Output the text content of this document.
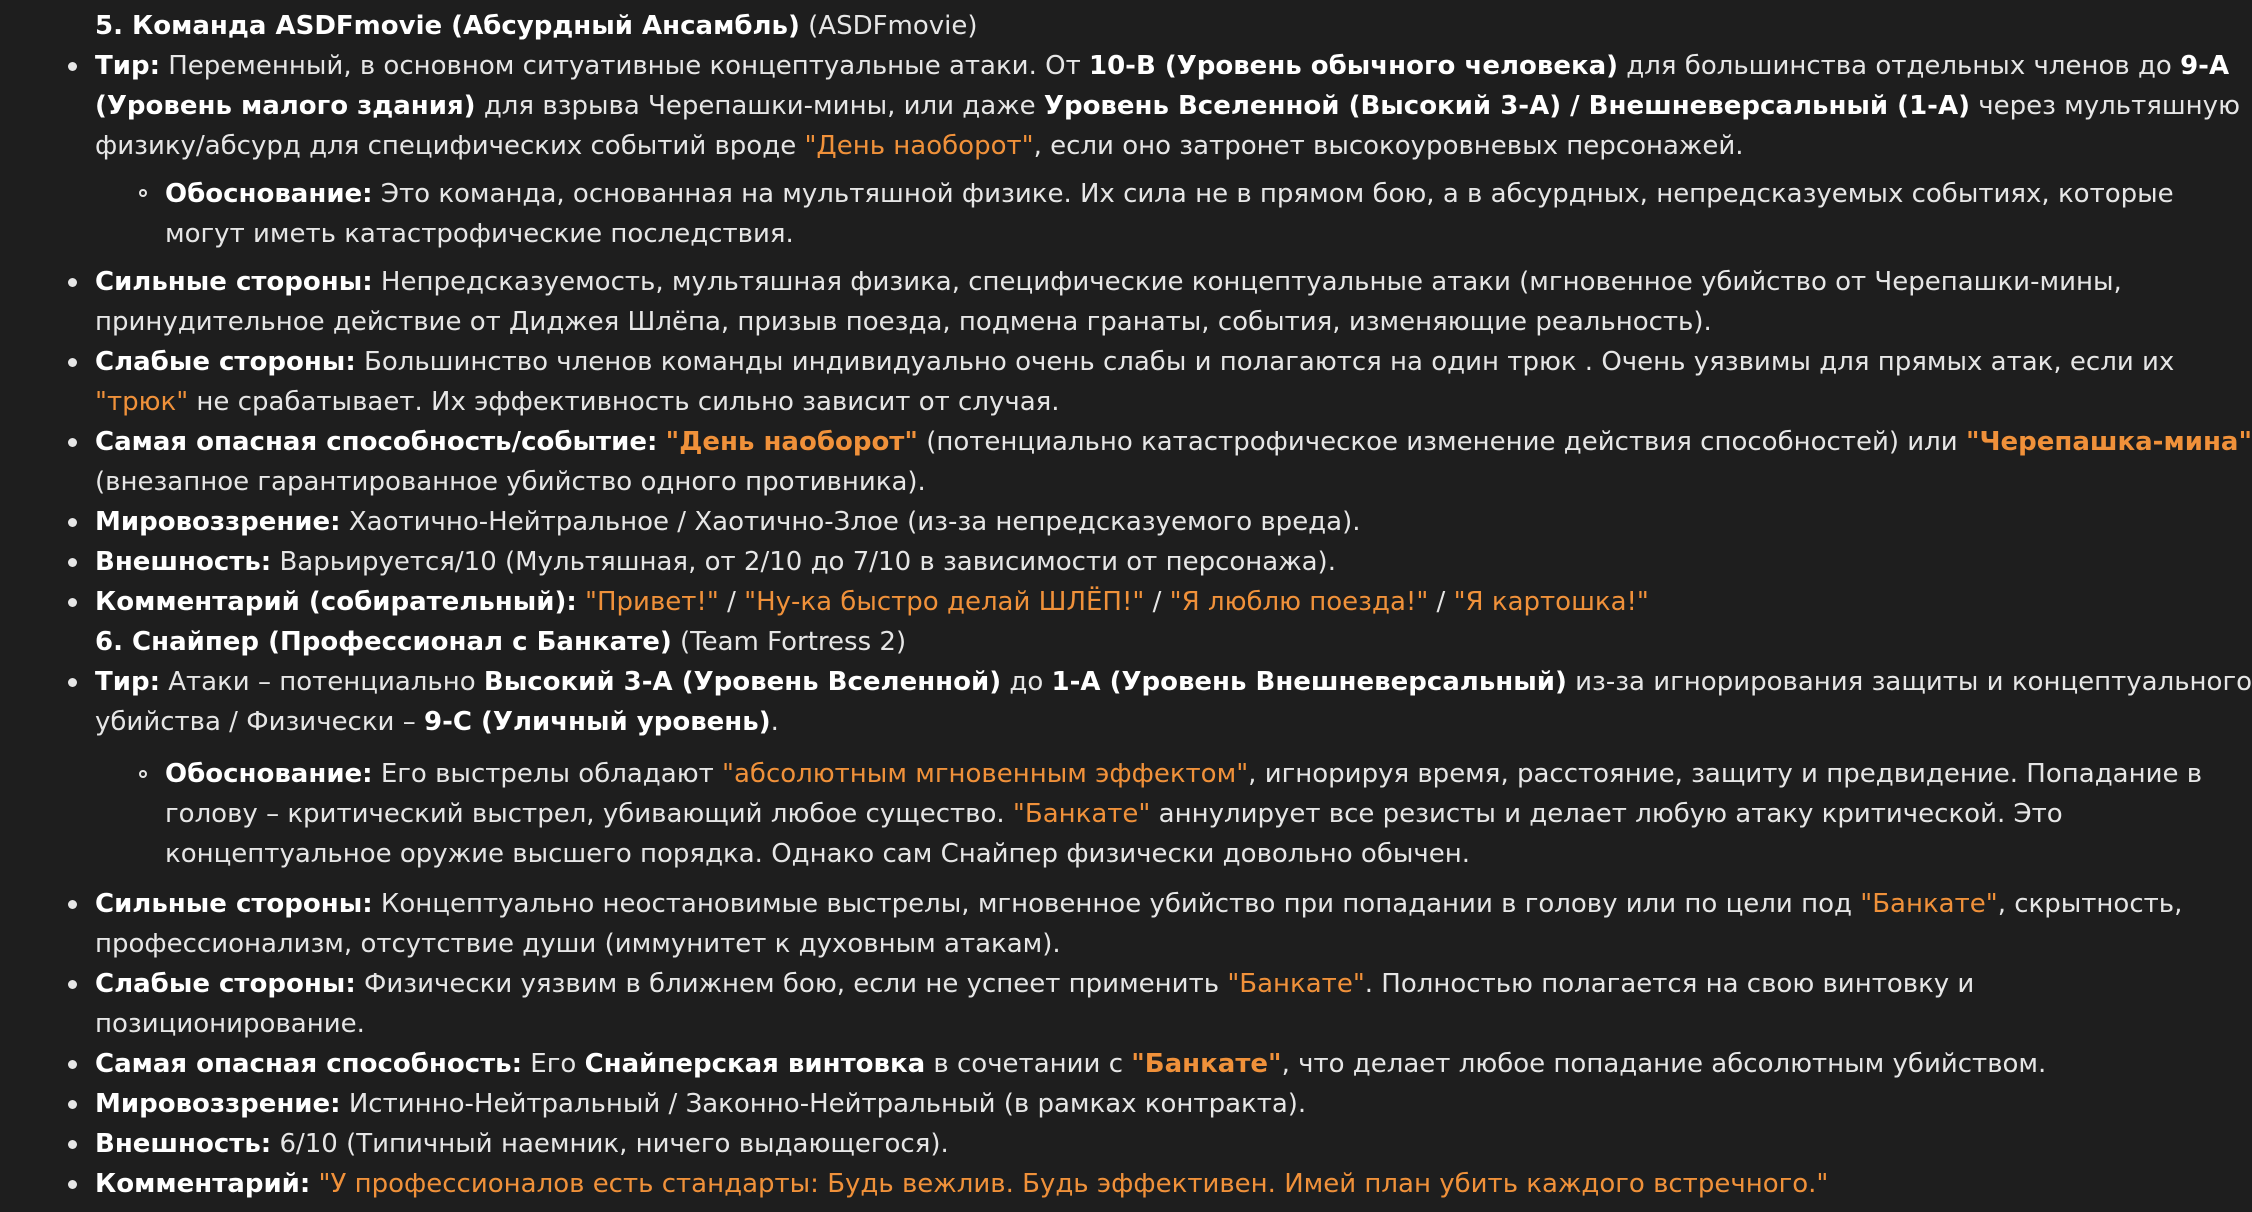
5. Команда ASDFmovie (Абсурдный Ансамбль) (ASDFmovie)
Тир: Переменный, в основном ситуативные концептуальные атаки. От 10-B (Уровень обычного человека) для большинства отдельных членов до 9-A
(Уровень малого здания) для взрыва Черепашки-мины, или даже Уровень Вселенной (Высокий 3-A) / Внешневерсальный (1-A) через мультяшную
физику/абсурд для специфических событий вроде "День наоборот", если оно затронет высокоуровневых персонажей.
Обоснование: Это команда, основанная на мультяшной физике. Их сила не в прямом бою, а в абсурдных, непредсказуемых событиях, которые
могут иметь катастрофические последствия.
Сильные стороны: Непредсказуемость, мультяшная физика, специфические концептуальные атаки (мгновенное убийство от Черепашки-мины,
принудительное действие от Диджея Шлёпа, призыв поезда, подмена гранаты, события, изменяющие реальность).
Слабые стороны: Большинство членов команды индивидуально очень слабы и полагаются на один трюк . Очень уязвимы для прямых атак, если их
"трюк" не срабатывает. Их эффективность сильно зависит от случая.
Самая опасная способность/событие: "День наоборот" (потенциально катастрофическое изменение действия способностей) или "Черепашка-мина"
(внезапное гарантированное убийство одного противника).
Мировоззрение: Хаотично-Нейтральное / Хаотично-Злое (из-за непредсказуемого вреда).
Внешность: Варьируется/10 (Мультяшная, от 2/10 до 7/10 в зависимости от персонажа).
Комментарий (собирательный): "Привет!" / "Ну-ка быстро делай ШЛЁП!" / "Я люблю поезда!" / "Я картошка!"
6. Снайпер (Профессионал с Банкате) (Team Fortress 2)
Тир: Атаки – потенциально Высокий 3-A (Уровень Вселенной) до 1-A (Уровень Внешневерсальный) из-за игнорирования защиты и концептуального
убийства / Физически – 9-C (Уличный уровень).
Обоснование: Его выстрелы обладают "абсолютным мгновенным эффектом", игнорируя время, расстояние, защиту и предвидение. Попадание в
голову – критический выстрел, убивающий любое существо. "Банкате" аннулирует все резисты и делает любую атаку критической. Это
концептуальное оружие высшего порядка. Однако сам Снайпер физически довольно обычен.
Сильные стороны: Концептуально неостановимые выстрелы, мгновенное убийство при попадании в голову или по цели под "Банкате", скрытность,
профессионализм, отсутствие души (иммунитет к духовным атакам).
Слабые стороны: Физически уязвим в ближнем бою, если не успеет применить "Банкате". Полностью полагается на свою винтовку и
позиционирование.
Самая опасная способность: Его Снайперская винтовка в сочетании с "Банкате", что делает любое попадание абсолютным убийством.
Мировоззрение: Истинно-Нейтральный / Законно-Нейтральный (в рамках контракта).
Внешность: 6/10 (Типичный наемник, ничего выдающегося).
Комментарий: "У профессионалов есть стандарты: Будь вежлив. Будь эффективен. Имей план убить каждого встречного."
